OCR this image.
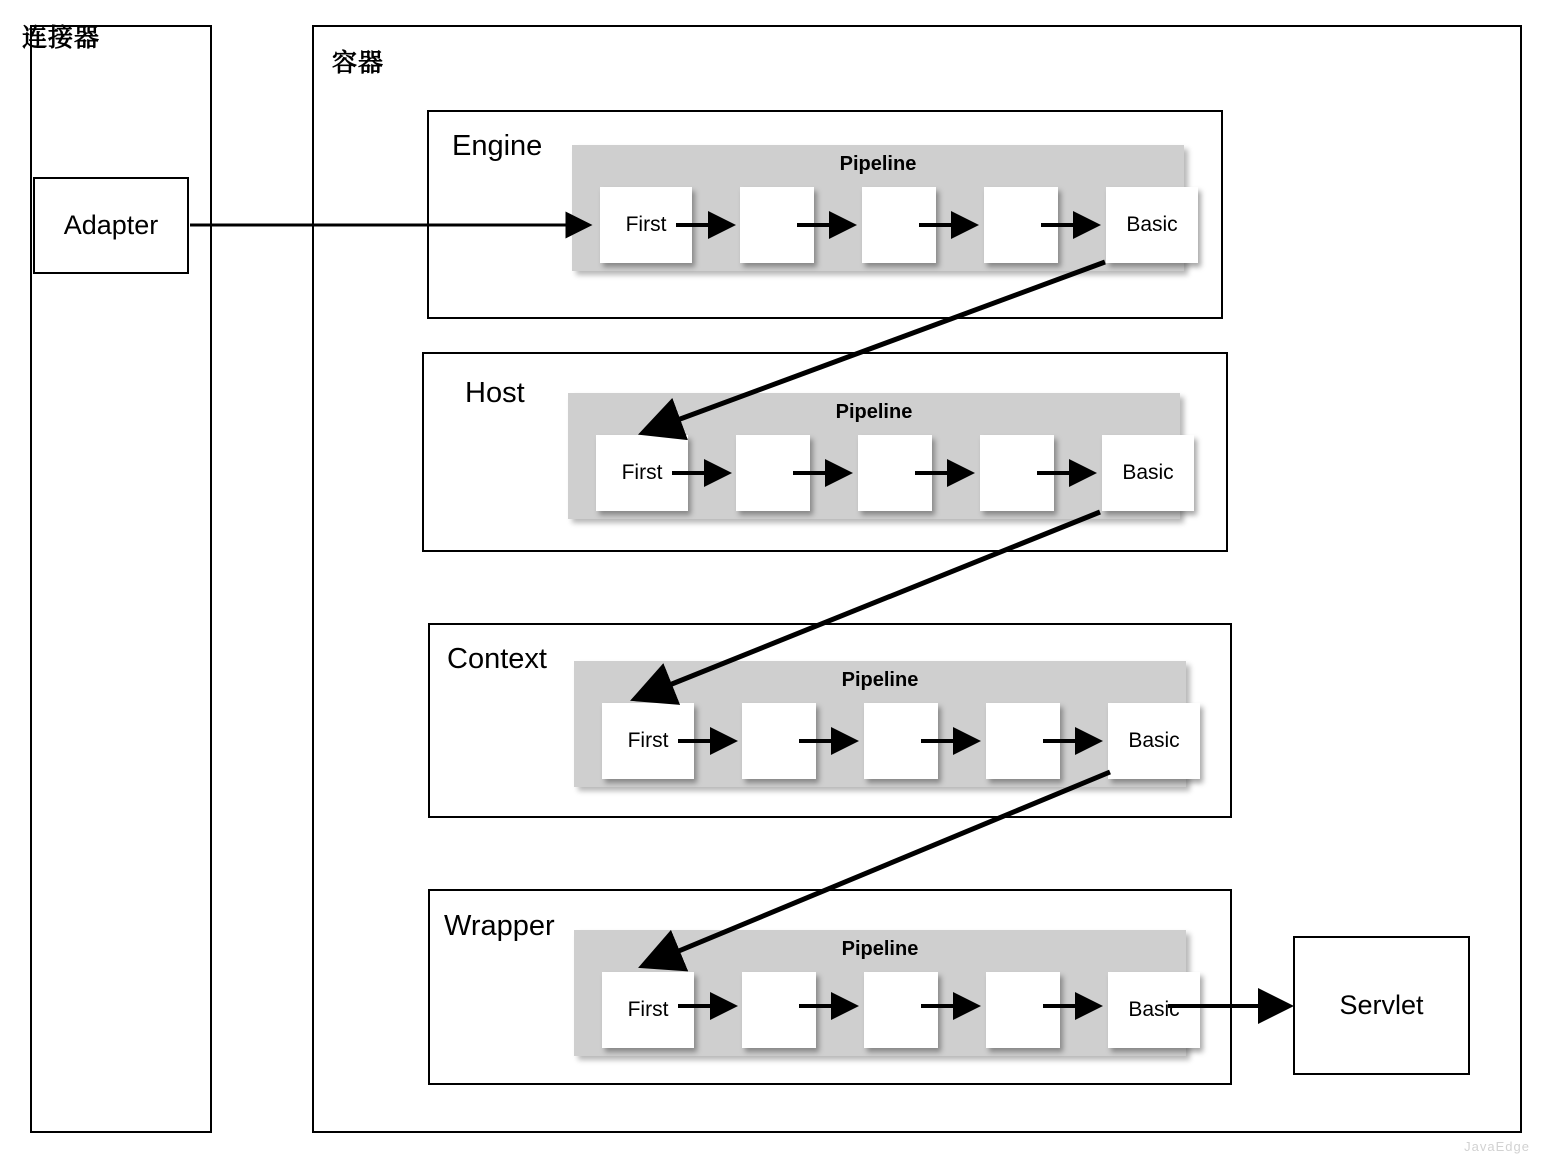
连接器
Adapter
容器
Engine
Pipeline
First	Basic
Host
Pipeline
First	Basic
Context
Pipeline
First	Basic
Wrapper
Pipeline
First	Basic	Servlet
JavaEdge
